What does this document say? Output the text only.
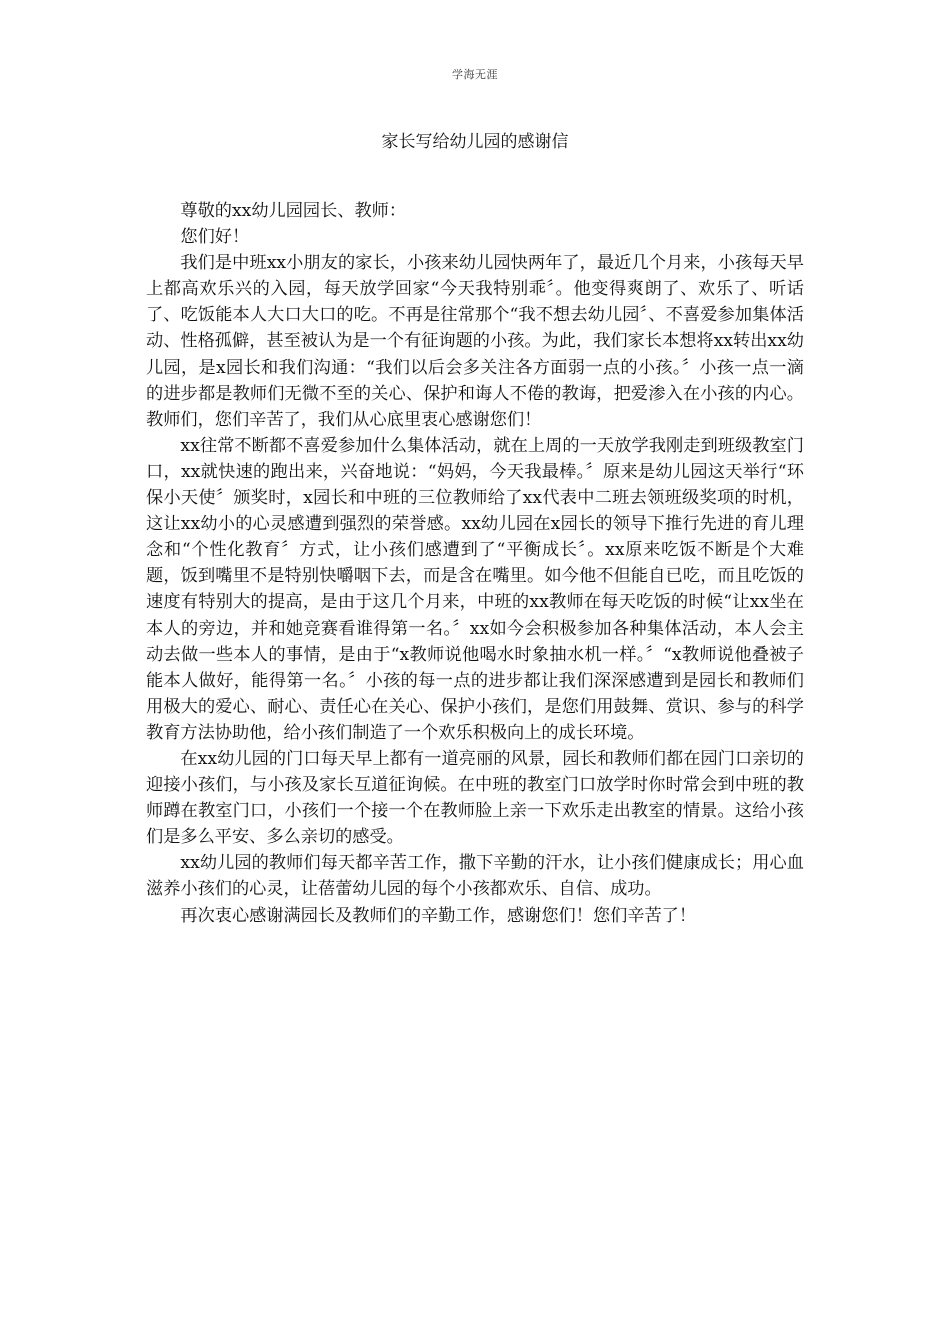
学海无涯
家长写给幼儿园的感谢信

尊敬的xx幼儿园园长、教师：

您们好！

我们是中班xx小朋友的家长，小孩来幼儿园快两年了，最近几个月来，小孩每天早上都高欢乐兴的入园，每天放学回家“今天我特别乖〞。他变得爽朗了、欢乐了、听话了、吃饭能本人大口大口的吃。不再是往常那个“我不想去幼儿园〞、不喜爱参加集体活动、性格孤僻，甚至被认为是一个有征询题的小孩。为此，我们家长本想将xx转出xx幼儿园，是x园长和我们沟通：“我们以后会多关注各方面弱一点的小孩。〞小孩一点一滴的进步都是教师们无微不至的关心、保护和诲人不倦的教诲，把爱渗入在小孩的内心。教师们，您们辛苦了，我们从心底里衷心感谢您们！

xx往常不断都不喜爱参加什么集体活动，就在上周的一天放学我刚走到班级教室门口，xx就快速的跑出来，兴奋地说：“妈妈，今天我最棒。〞原来是幼儿园这天举行“环保小天使〞颁奖时，x园长和中班的三位教师给了xx代表中二班去领班级奖项的时机，这让xx幼小的心灵感遭到强烈的荣誉感。xx幼儿园在x园长的领导下推行先进的育儿理念和“个性化教育〞方式，让小孩们感遭到了“平衡成长〞。xx原来吃饭不断是个大难题，饭到嘴里不是特别快嚼咽下去，而是含在嘴里。如今他不但能自已吃，而且吃饭的速度有特别大的提高，是由于这几个月来，中班的xx教师在每天吃饭的时候“让xx坐在本人的旁边，并和她竞赛看谁得第一名。〞xx如今会积极参加各种集体活动，本人会主动去做一些本人的事情，是由于“x教师说他喝水时象抽水机一样。〞“x教师说他叠被子能本人做好，能得第一名。〞小孩的每一点的进步都让我们深深感遭到是园长和教师们用极大的爱心、耐心、责任心在关心、保护小孩们，是您们用鼓舞、赏识、参与的科学教育方法协助他，给小孩们制造了一个欢乐积极向上的成长环境。

在xx幼儿园的门口每天早上都有一道亮丽的风景，园长和教师们都在园门口亲切的迎接小孩们，与小孩及家长互道征询候。在中班的教室门口放学时你时常会到中班的教师蹲在教室门口，小孩们一个接一个在教师脸上亲一下欢乐走出教室的情景。这给小孩们是多么平安、多么亲切的感受。

xx幼儿园的教师们每天都辛苦工作，撒下辛勤的汗水，让小孩们健康成长；用心血滋养小孩们的心灵，让蓓蕾幼儿园的每个小孩都欢乐、自信、成功。

再次衷心感谢满园长及教师们的辛勤工作，感谢您们！您们辛苦了！
